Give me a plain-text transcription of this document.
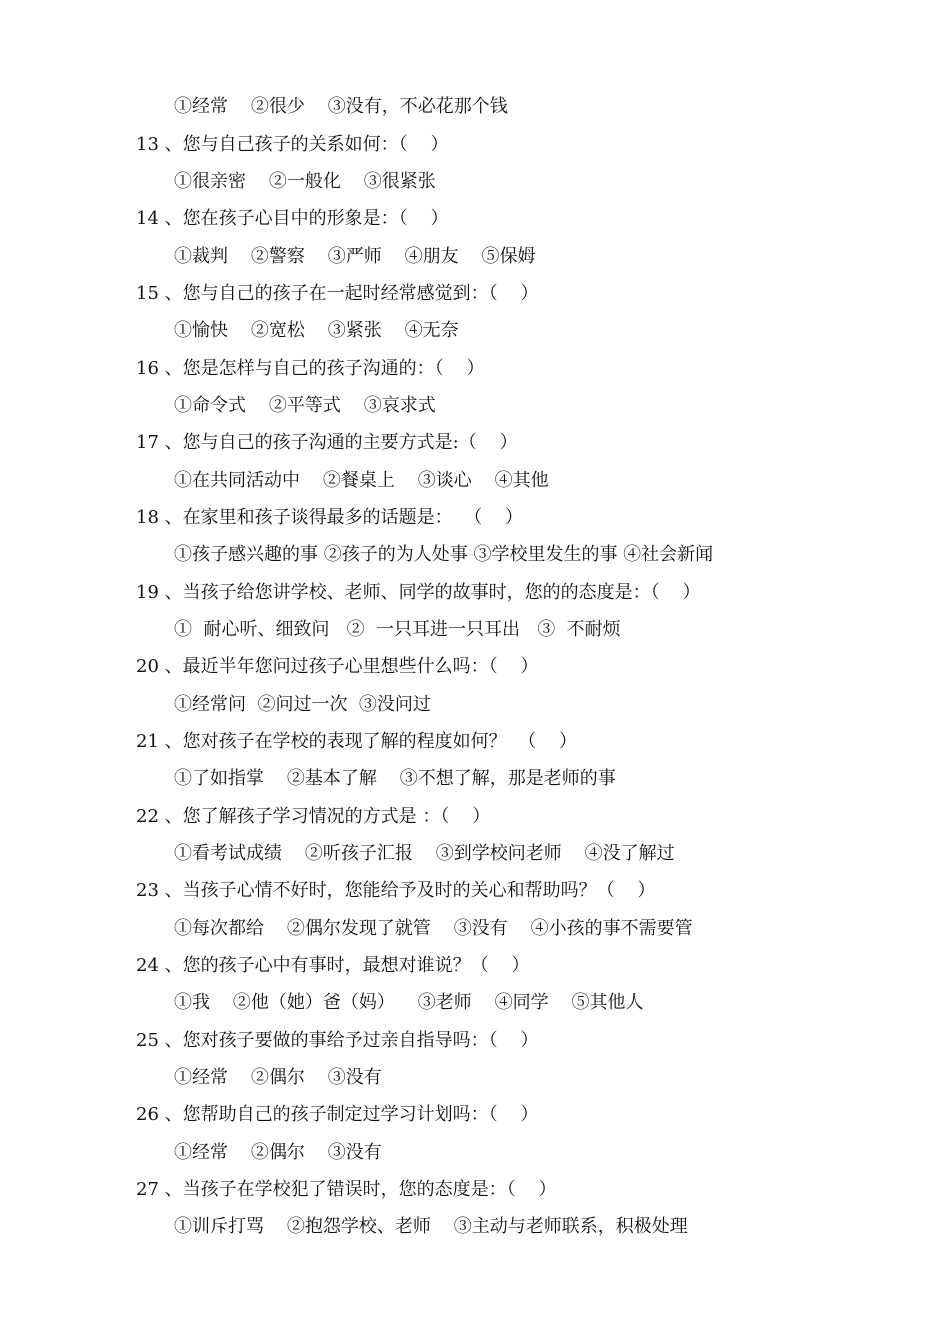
①经常    ②很少    ③没有，不必花那个钱
13 、您与自己孩子的关系如何：（    ）
①很亲密    ②一般化    ③很紧张
14 、您在孩子心目中的形象是：（    ）
①裁判    ②警察    ③严师    ④朋友    ⑤保姆
15 、您与自己的孩子在一起时经常感觉到：（    ）
①愉快    ②宽松    ③紧张    ④无奈
16 、您是怎样与自己的孩子沟通的：（    ）
①命令式    ②平等式    ③哀求式
17 、您与自己的孩子沟通的主要方式是:（    ）
①在共同活动中    ②餐桌上    ③谈心    ④其他
18 、在家里和孩子谈得最多的话题是：  （    ）
①孩子感兴趣的事 ②孩子的为人处事 ③学校里发生的事 ④社会新闻
19 、当孩子给您讲学校、老师、同学的故事时，您的的态度是：（    ）
①  耐心听、细致问   ②  一只耳进一只耳出   ③  不耐烦
20 、最近半年您问过孩子心里想些什么吗：（    ）
①经常问  ②问过一次  ③没问过
21 、您对孩子在学校的表现了解的程度如何？  （    ）
①了如指掌    ②基本了解    ③不想了解，那是老师的事
22 、您了解孩子学习情况的方式是 ：（    ）
①看考试成绩    ②听孩子汇报    ③到学校问老师    ④没了解过
23 、当孩子心情不好时，您能给予及时的关心和帮助吗？（    ）
①每次都给    ②偶尔发现了就管    ③没有    ④小孩的事不需要管
24 、您的孩子心中有事时，最想对谁说？（    ）
①我    ②他（她）爸（妈）    ③老师    ④同学    ⑤其他人
25 、您对孩子要做的事给予过亲自指导吗：（    ）
①经常    ②偶尔    ③没有
26 、您帮助自己的孩子制定过学习计划吗：（    ）
①经常    ②偶尔    ③没有
27 、当孩子在学校犯了错误时，您的态度是：（    ）
①训斥打骂    ②抱怨学校、老师    ③主动与老师联系，积极处理
